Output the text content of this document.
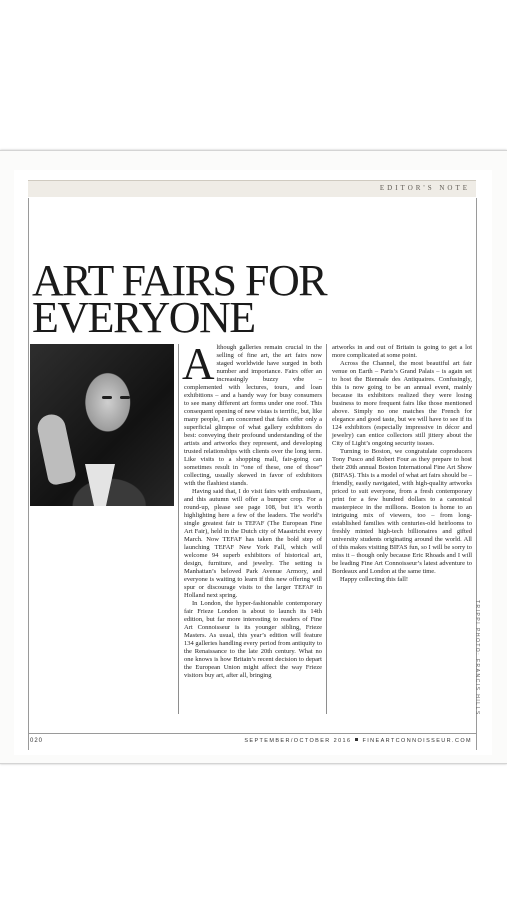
EDITOR'S NOTE
ART FAIRS FOR
EVERYONE

Although galleries remain crucial in the selling of fine art, the art fairs now staged worldwide have surged in both number and importance. Fairs offer an increasingly buzzy vibe – complemented with lectures, tours, and loan exhibitions – and a handy way for busy consumers to see many different art forms under one roof. This consequent opening of new vistas is terrific, but, like many people, I am concerned that fairs offer only a superficial glimpse of what gallery exhibitors do best: conveying their profound understanding of the artists and artworks they represent, and developing trusted relationships with clients over the long term. Like visits to a shopping mall, fair-going can sometimes result in “one of these, one of those” collecting, usually skewed in favor of exhibitors with the flashiest stands.

Having said that, I do visit fairs with enthusiasm, and this autumn will offer a bumper crop. For a round-up, please see page 108, but it’s worth highlighting here a few of the leaders. The world’s single greatest fair is TEFAF (The European Fine Art Fair), held in the Dutch city of Maastricht every March. Now TEFAF has taken the bold step of launching TEFAF New York Fall, which will welcome 94 superb exhibitors of historical art, design, furniture, and jewelry. The setting is Manhattan’s beloved Park Avenue Armory, and everyone is waiting to learn if this new offering will spur or discourage visits to the larger TEFAF in Holland next spring.

In London, the hyper-fashionable contemporary fair Frieze London is about to launch its 14th edition, but far more interesting to readers of Fine Art Connoisseur is its younger sibling, Frieze Masters. As usual, this year’s edition will feature 134 galleries handling every period from antiquity to the Renaissance to the late 20th century. What no one knows is how Britain’s recent decision to depart the European Union might affect the way Frieze visitors buy art, after all, bringing

artworks in and out of Britain is going to get a lot more complicated at some point.

Across the Channel, the most beautiful art fair venue on Earth – Paris’s Grand Palais – is again set to host the Biennale des Antiquaires. Confusingly, this is now going to be an annual event, mainly because its exhibitors realized they were losing business to more frequent fairs like those mentioned above. Simply no one matches the French for elegance and good taste, but we will have to see if its 124 exhibitors (especially impressive in décor and jewelry) can entice collectors still jittery about the City of Light’s ongoing security issues.

Turning to Boston, we congratulate coproducers Tony Fusco and Robert Four as they prepare to host their 20th annual Boston International Fine Art Show (BIFAS). This is a model of what art fairs should be – friendly, easily navigated, with high-quality artworks priced to suit everyone, from a fresh contemporary print for a few hundred dollars to a canonical masterpiece in the millions. Boston is home to an intriguing mix of viewers, too – from long-established families with centuries-old heirlooms to freshly minted high-tech billionaires and gifted university students originating around the world. All of this makes visiting BIFAS fun, so I will be sorry to miss it – though only because Eric Rhoads and I will be leading Fine Art Connoisseur’s latest adventure to Bordeaux and London at the same time.

Happy collecting this fall!

TRIPPI PHOTO: FRANCIS HILLS
020	SEPTEMBER/OCTOBER 2016 FINEARTCONNOISSEUR.COM
